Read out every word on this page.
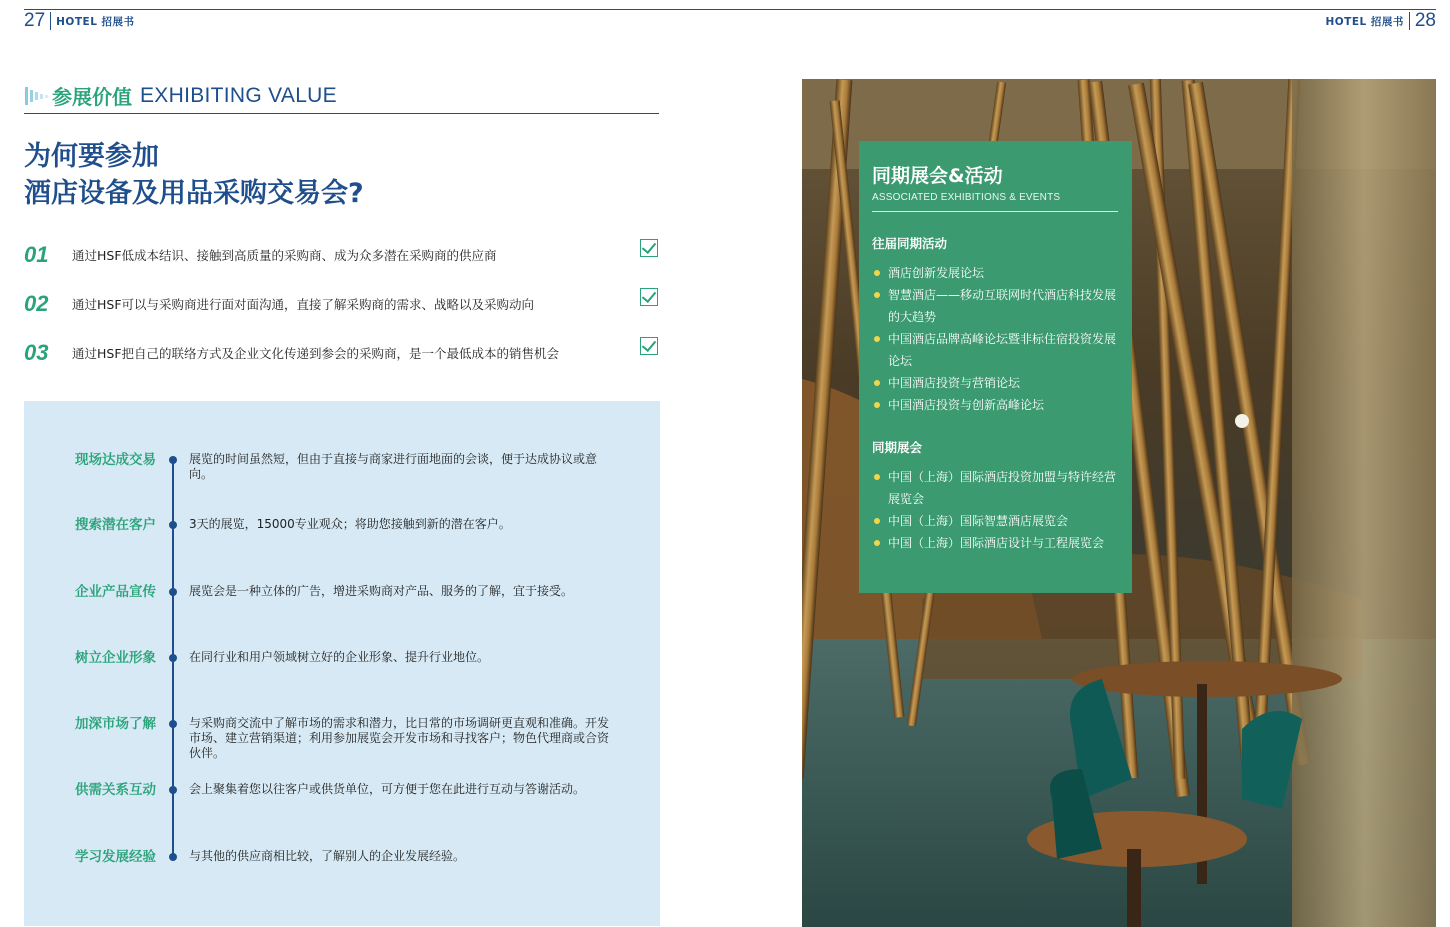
27 HOTEL 招展书	HOTEL 招展书 28
参展价值 EXHIBITING VALUE
为何要参加
酒店设备及用品采购交易会?
01	通过HSF低成本结识、接触到高质量的采购商、成为众多潜在采购商的供应商
02	通过HSF可以与采购商进行面对面沟通，直接了解采购商的需求、战略以及采购动向
03	通过HSF把自己的联络方式及企业文化传递到参会的采购商，是一个最低成本的销售机会
现场达成交易	展览的时间虽然短，但由于直接与商家进行面地面的会谈，便于达成协议或意向。
搜索潜在客户	3天的展览，15000专业观众；将助您接触到新的潜在客户。
企业产品宣传	展览会是一种立体的广告，增进采购商对产品、服务的了解，宜于接受。
树立企业形象	在同行业和用户领域树立好的企业形象、提升行业地位。
加深市场了解	与采购商交流中了解市场的需求和潜力，比日常的市场调研更直观和准确。开发市场、建立营销渠道；利用参加展览会开发市场和寻找客户；物色代理商或合资伙伴。
供需关系互动	会上聚集着您以往客户或供货单位，可方便于您在此进行互动与答谢活动。
学习发展经验	与其他的供应商相比较，了解别人的企业发展经验。
同期展会&活动
ASSOCIATED EXHIBITIONS & EVENTS
往届同期活动
酒店创新发展论坛
智慧酒店——移动互联网时代酒店科技发展的大趋势
中国酒店品牌高峰论坛暨非标住宿投资发展论坛
中国酒店投资与营销论坛
中国酒店投资与创新高峰论坛
同期展会
中国（上海）国际酒店投资加盟与特许经营展览会
中国（上海）国际智慧酒店展览会
中国（上海）国际酒店设计与工程展览会
